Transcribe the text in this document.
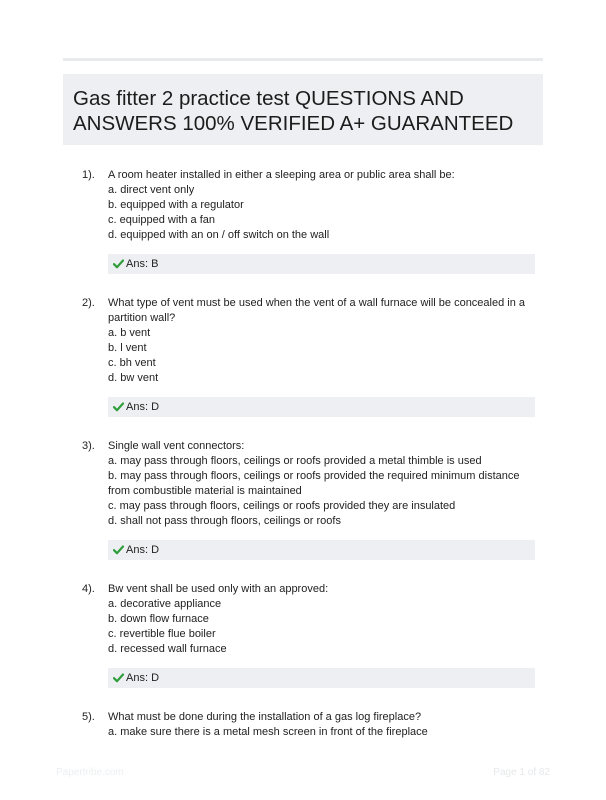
Gas fitter 2 practice test QUESTIONS AND ANSWERS 100% VERIFIED A+ GUARANTEED
1). A room heater installed in either a sleeping area or public area shall be:
a. direct vent only
b. equipped with a regulator
c. equipped with a fan
d. equipped with an on / off switch on the wall
Ans: B
2). What type of vent must be used when the vent of a wall furnace will be concealed in a partition wall?
a. b vent
b. l vent
c. bh vent
d. bw vent
Ans: D
3). Single wall vent connectors:
a. may pass through floors, ceilings or roofs provided a metal thimble is used
b. may pass through floors, ceilings or roofs provided the required minimum distance from combustible material is maintained
c. may pass through floors, ceilings or roofs provided they are insulated
d. shall not pass through floors, ceilings or roofs
Ans: D
4). Bw vent shall be used only with an approved:
a. decorative appliance
b. down flow furnace
c. revertible flue boiler
d. recessed wall furnace
Ans: D
5). What must be done during the installation of a gas log fireplace?
a. make sure there is a metal mesh screen in front of the fireplace
Papertribe.com	Page 1 of 82
